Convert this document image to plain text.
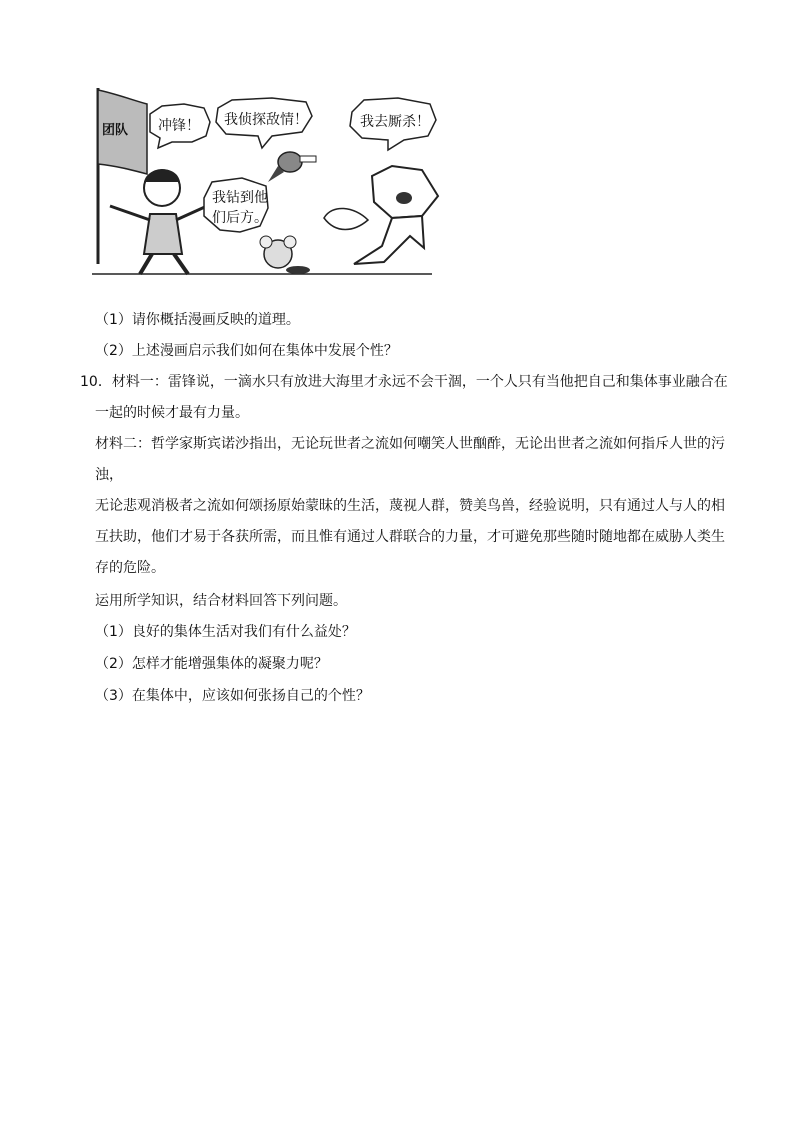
团队 冲锋！ 我侦探敌情！
我钻到他
们后方。
我去厮杀！
（1）请你概括漫画反映的道理。
（2）上述漫画启示我们如何在集体中发展个性？
10．材料一：雷锋说，一滴水只有放进大海里才永远不会干涸，一个人只有当他把自己和集体事业融合在
一起的时候才最有力量。
材料二：哲学家斯宾诺沙指出，无论玩世者之流如何嘲笑人世酗酢，无论出世者之流如何指斥人世的污
浊，
无论悲观消极者之流如何颂扬原始蒙昧的生活，蔑视人群，赞美鸟兽，经验说明，只有通过人与人的相
互扶助，他们才易于各获所需，而且惟有通过人群联合的力量，才可避免那些随时随地都在威胁人类生
存的危险。
运用所学知识，结合材料回答下列问题。
（1）良好的集体生活对我们有什么益处？
（2）怎样才能增强集体的凝聚力呢？
（3）在集体中，应该如何张扬自己的个性？
